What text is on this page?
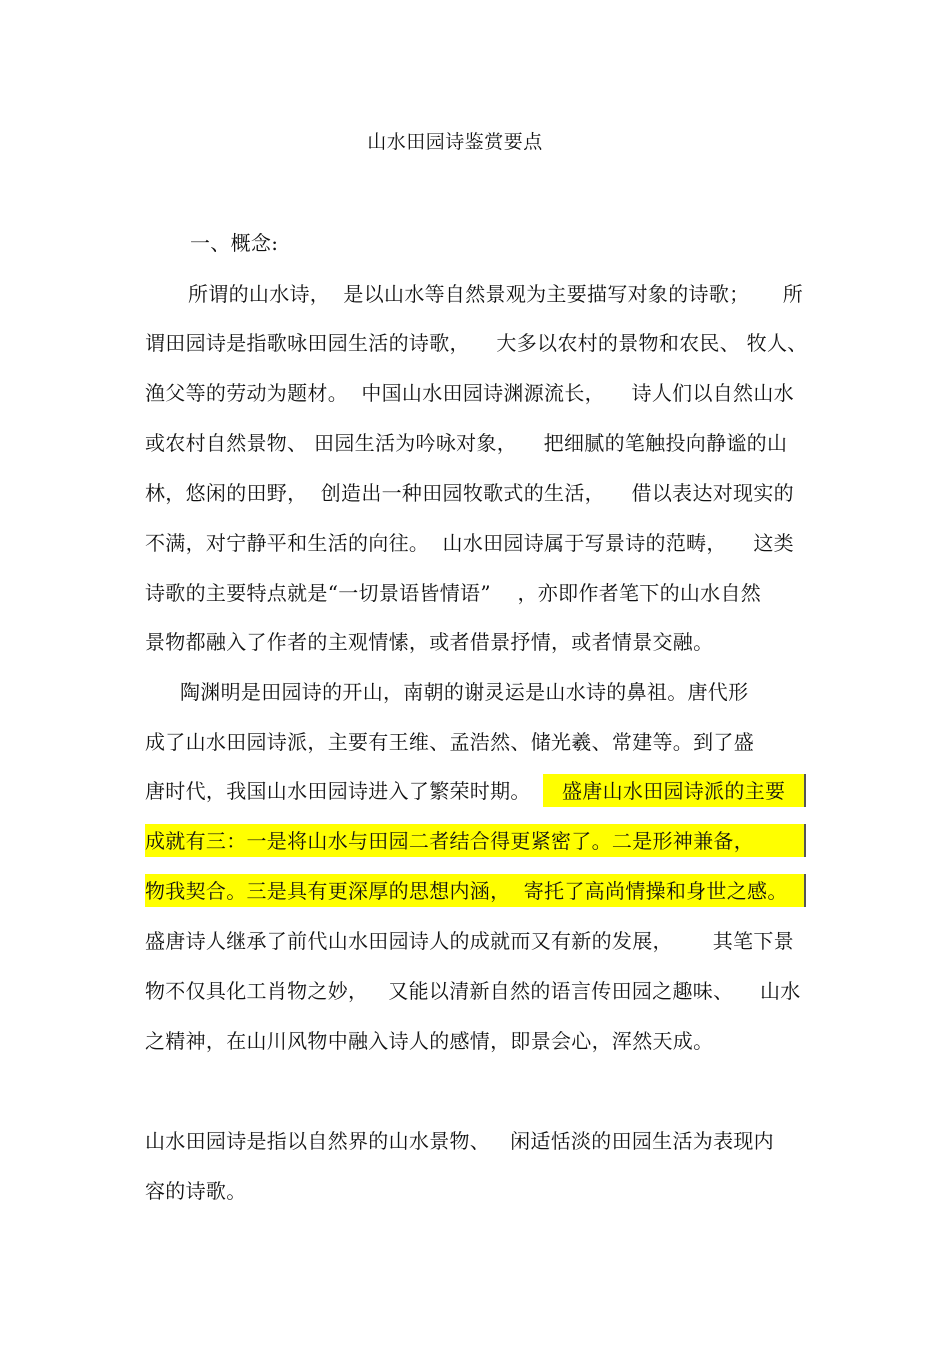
山水田园诗鉴赏要点
一、概念:
所谓的山水诗，  是以山水等自然景观为主要描写对象的诗歌；     所
谓田园诗是指歌咏田园生活的诗歌，    大多以农村的景物和农民、 牧人、
渔父等的劳动为题材。  中国山水田园诗渊源流长，    诗人们以自然山水
或农村自然景物、 田园生活为吟咏对象，    把细腻的笔触投向静谧的山
林，悠闲的田野，  创造出一种田园牧歌式的生活，    借以表达对现实的
不满，对宁静平和生活的向往。  山水田园诗属于写景诗的范畴，    这类
诗歌的主要特点就是“一切景语皆情语”    ，亦即作者笔下的山水自然
景物都融入了作者的主观情愫，或者借景抒情，或者情景交融。
陶渊明是田园诗的开山，南朝的谢灵运是山水诗的鼻祖。唐代形
成了山水田园诗派，主要有王维、孟浩然、储光羲、常建等。到了盛
唐时代，我国山水田园诗进入了繁荣时期。 盛唐山水田园诗派的主要
成就有三：一是将山水与田园二者结合得更紧密了。二是形神兼备，
物我契合。三是具有更深厚的思想内涵，  寄托了高尚情操和身世之感。
盛唐诗人继承了前代山水田园诗人的成就而又有新的发展，      其笔下景
物不仅具化工肖物之妙，   又能以清新自然的语言传田园之趣味、    山水
之精神，在山川风物中融入诗人的感情，即景会心，浑然天成。
山水田园诗是指以自然界的山水景物、   闲适恬淡的田园生活为表现内
容的诗歌。
